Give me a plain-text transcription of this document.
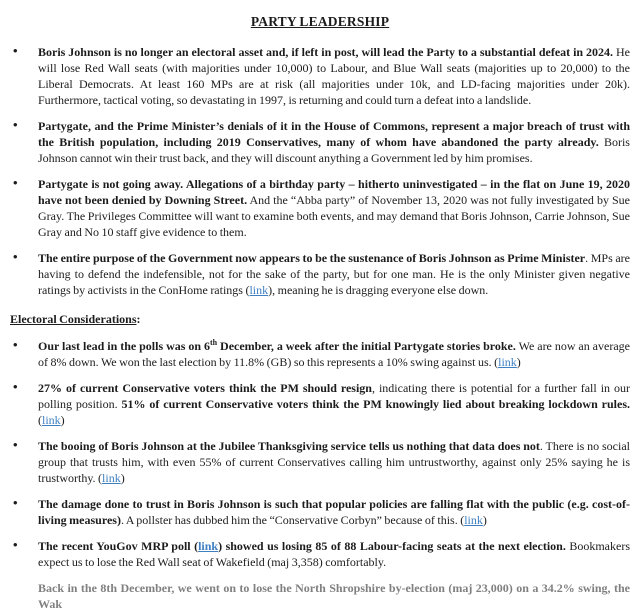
PARTY LEADERSHIP
• Boris Johnson is no longer an electoral asset and, if left in post, will lead the Party to a substantial defeat in 2024. He will lose Red Wall seats (with majorities under 10,000) to Labour, and Blue Wall seats (majorities up to 20,000) to the Liberal Democrats. At least 160 MPs are at risk (all majorities under 10k, and LD-facing majorities under 20k). Furthermore, tactical voting, so devastating in 1997, is returning and could turn a defeat into a landslide.
• Partygate, and the Prime Minister’s denials of it in the House of Commons, represent a major breach of trust with the British population, including 2019 Conservatives, many of whom have abandoned the party already. Boris Johnson cannot win their trust back, and they will discount anything a Government led by him promises.
• Partygate is not going away. Allegations of a birthday party – hitherto uninvestigated – in the flat on June 19, 2020 have not been denied by Downing Street. And the “Abba party” of November 13, 2020 was not fully investigated by Sue Gray. The Privileges Committee will want to examine both events, and may demand that Boris Johnson, Carrie Johnson, Sue Gray and No 10 staff give evidence to them.
• The entire purpose of the Government now appears to be the sustenance of Boris Johnson as Prime Minister. MPs are having to defend the indefensible, not for the sake of the party, but for one man. He is the only Minister given negative ratings by activists in the ConHome ratings (link), meaning he is dragging everyone else down.
Electoral Considerations:
• Our last lead in the polls was on 6th December, a week after the initial Partygate stories broke. We are now an average of 8% down. We won the last election by 11.8% (GB) so this represents a 10% swing against us. (link)
• 27% of current Conservative voters think the PM should resign, indicating there is potential for a further fall in our polling position. 51% of current Conservative voters think the PM knowingly lied about breaking lockdown rules. (link)
• The booing of Boris Johnson at the Jubilee Thanksgiving service tells us nothing that data does not. There is no social group that trusts him, with even 55% of current Conservatives calling him untrustworthy, against only 25% saying he is trustworthy. (link)
• The damage done to trust in Boris Johnson is such that popular policies are falling flat with the public (e.g. cost-of-living measures). A pollster has dubbed him the “Conservative Corbyn” because of this. (link)
• The recent YouGov MRP poll (link) showed us losing 85 of 88 Labour-facing seats at the next election. Bookmakers expect us to lose the Red Wall seat of Wakefield (maj 3,358) comfortably.
Back in the 8th December, we went on to lose the North Shropshire by-election (maj 23,000) on a 34.2% swing, the Wak
